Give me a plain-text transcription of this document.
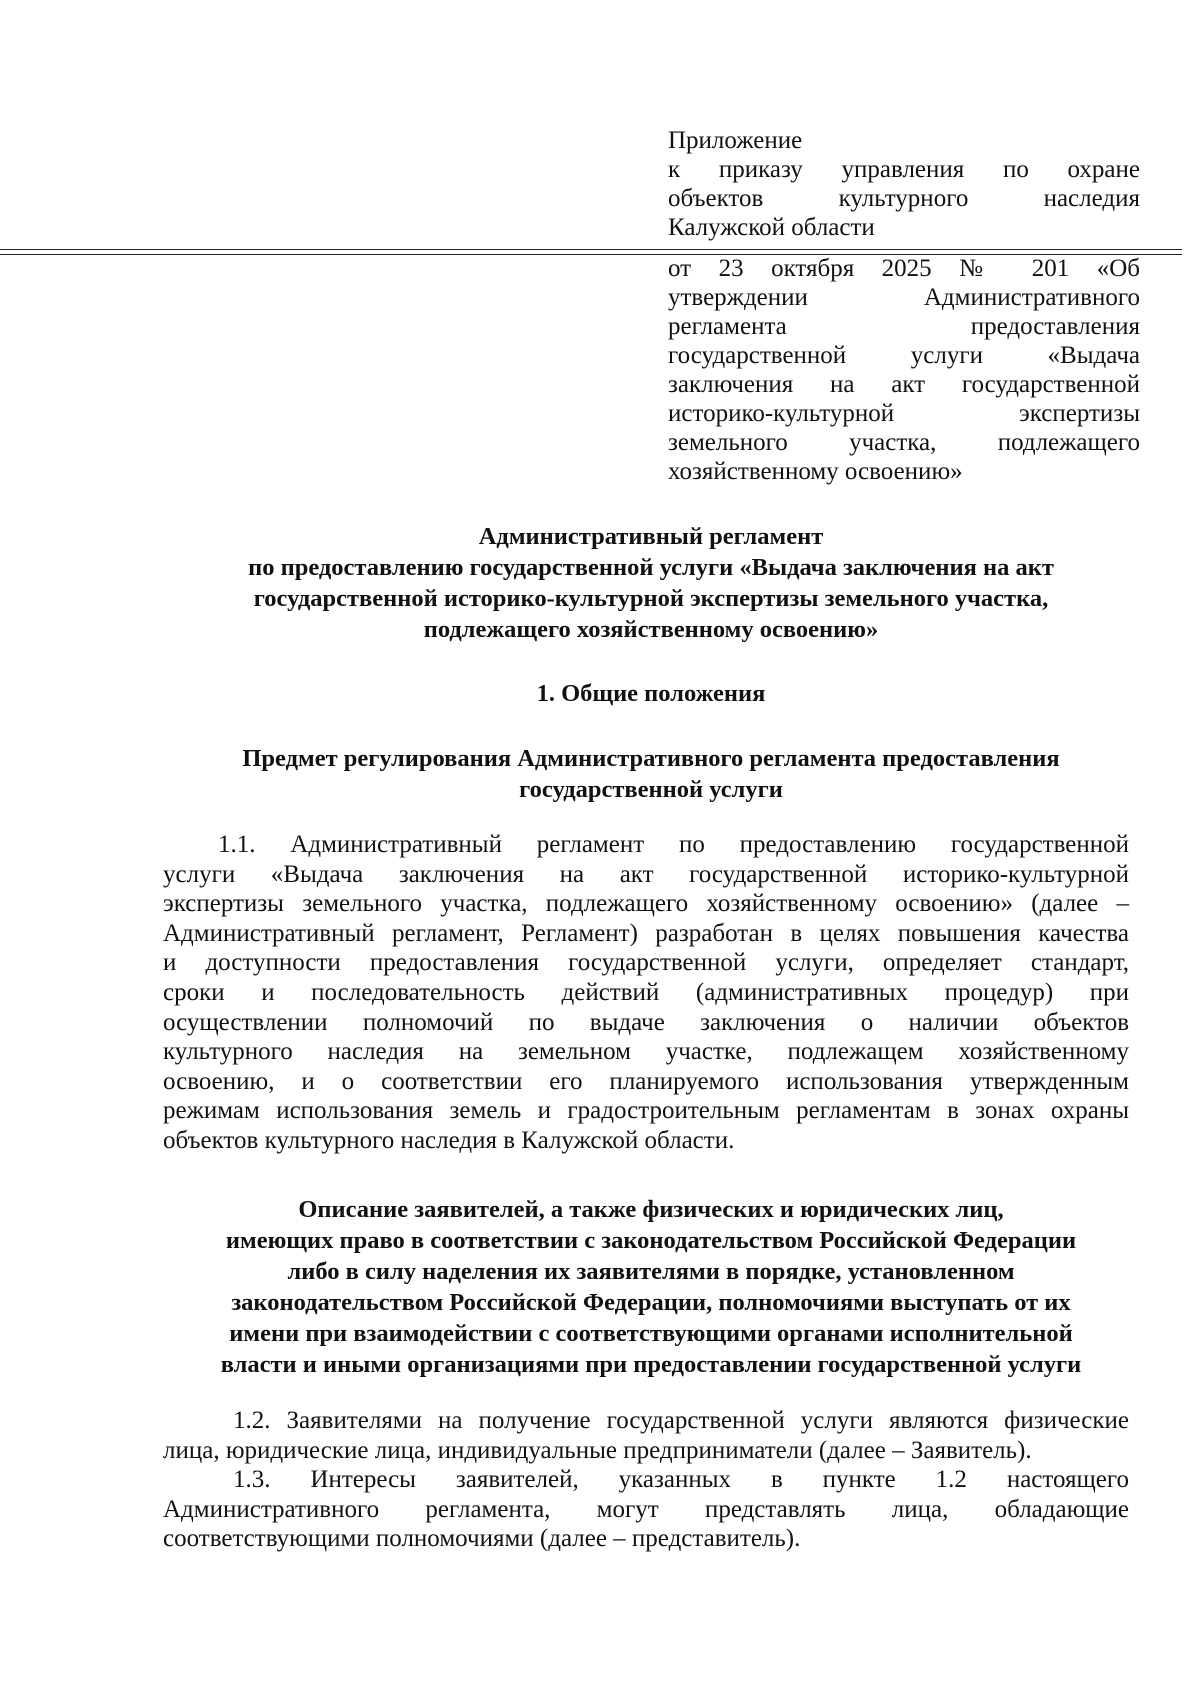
Приложение
к приказу управления по охране
объектов культурного наследия
Калужской области
от 23 октября 2025 № 201 «Об
утверждении Административного
регламента предоставления
государственной услуги «Выдача
заключения на акт государственной
историко-культурной экспертизы
земельного участка, подлежащего
хозяйственному освоению»
Административный регламент
по предоставлению государственной услуги «Выдача заключения на акт
государственной историко-культурной экспертизы земельного участка,
подлежащего хозяйственному освоению»
1. Общие положения
Предмет регулирования Административного регламента предоставления
государственной услуги
1.1. Административный регламент по предоставлению государственной
услуги «Выдача заключения на акт государственной историко-культурной
экспертизы земельного участка, подлежащего хозяйственному освоению» (далее –
Административный регламент, Регламент) разработан в целях повышения качества
и доступности предоставления государственной услуги, определяет стандарт,
сроки и последовательность действий (административных процедур) при
осуществлении полномочий по выдаче заключения о наличии объектов
культурного наследия на земельном участке, подлежащем хозяйственному
освоению, и о соответствии его планируемого использования утвержденным
режимам использования земель и градостроительным регламентам в зонах охраны
объектов культурного наследия в Калужской области.
Описание заявителей, а также физических и юридических лиц,
имеющих право в соответствии с законодательством Российской Федерации
либо в силу наделения их заявителями в порядке, установленном
законодательством Российской Федерации, полномочиями выступать от их
имени при взаимодействии с соответствующими органами исполнительной
власти и иными организациями при предоставлении государственной услуги
1.2. Заявителями на получение государственной услуги являются физические
лица, юридические лица, индивидуальные предприниматели (далее – Заявитель).
1.3. Интересы заявителей, указанных в пункте 1.2 настоящего
Административного регламента, могут представлять лица, обладающие
соответствующими полномочиями (далее – представитель).
